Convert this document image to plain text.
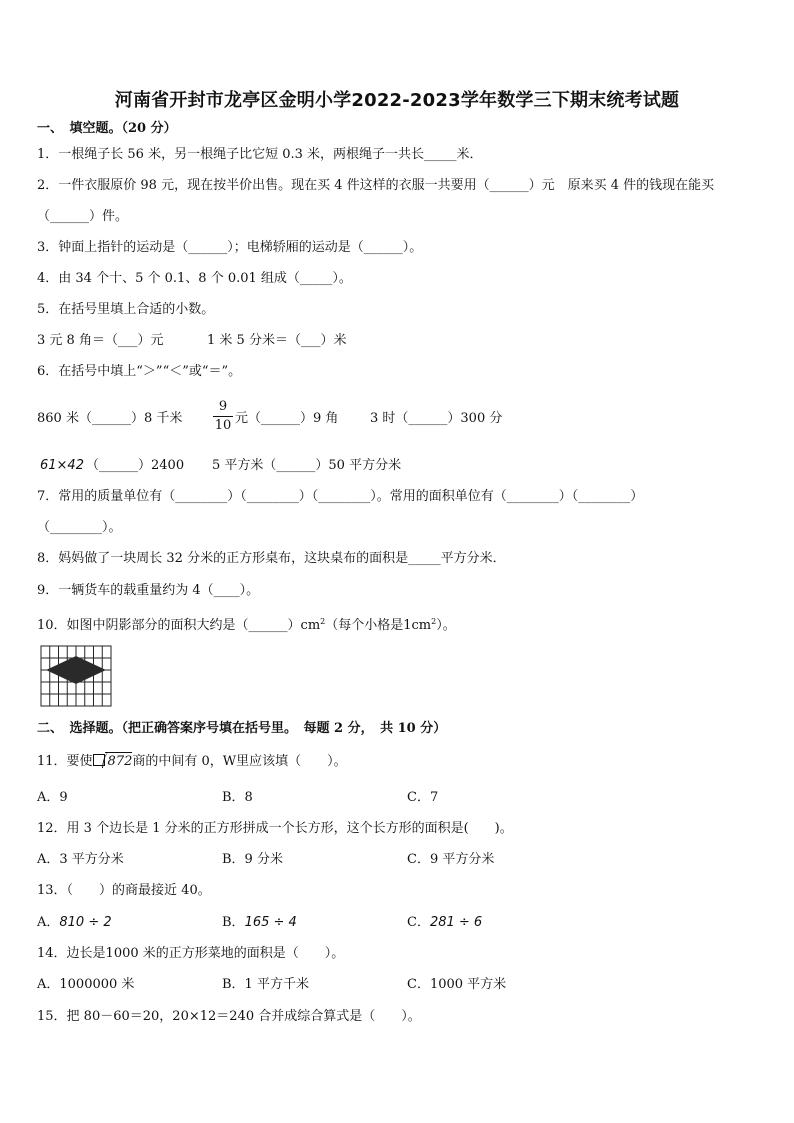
河南省开封市龙亭区金明小学2022-2023学年数学三下期末统考试题
一、　填空题。（20 分）
1．一根绳子长 56 米，另一根绳子比它短 0.3 米，两根绳子一共长_____米．
2．一件衣服原价 98 元，现在按半价出售。现在买 4 件这样的衣服一共要用（______）元　原来买 4 件的钱现在能买
（______）件。
3．钟面上指针的运动是（______）；电梯轿厢的运动是（______）。
4．由 34 个十、5 个 0.1、8 个 0.01 组成（_____）。
5．在括号里填上合适的小数。
3 元 8 角＝（___）元	1 米 5 分米＝（___）米
6．在括号中填上“＞”“＜”或“＝”。
860 米（______）8 千米
9
10 元（______）9 角 3 时（______）300 分
61×42 （______）2400 5 平方米（______）50 平方分米
7．常用的质量单位有（________）（________）（________）。常用的面积单位有（________）（________）
（________）。
8．妈妈做了一块周长 32 分米的正方形桌布，这块桌布的面积是_____平方分米．
9．一辆货车的载重量约为 4（____）。
10．如图中阴影部分的面积大约是$(\_\_\_\_\_\_)cm^2$（每个小格是$1cm^2$）。
二、　选择题。（把正确答案序号填在括号里。　每题 2 分，　共 10 分）
11．要使 872商的中间有 0，W里应该填（　　）。
A．9	B．8	C．7
12．用 3 个边长是 1 分米的正方形拼成一个长方形，这个长方形的面积是(　　)。
A．3 平方分米	B．9 分米	C．9 平方分米
13．（　　）的商最接近 40。
A．810 ÷ 2	B．165 ÷ 4	C．281 ÷ 6
14．边长是1000 米的正方形菜地的面积是（　　）。
A．1000000 米	B．1 平方千米	C．1000 平方米
15．把 80－60＝20，20×12＝240 合并成综合算式是（　　）。
